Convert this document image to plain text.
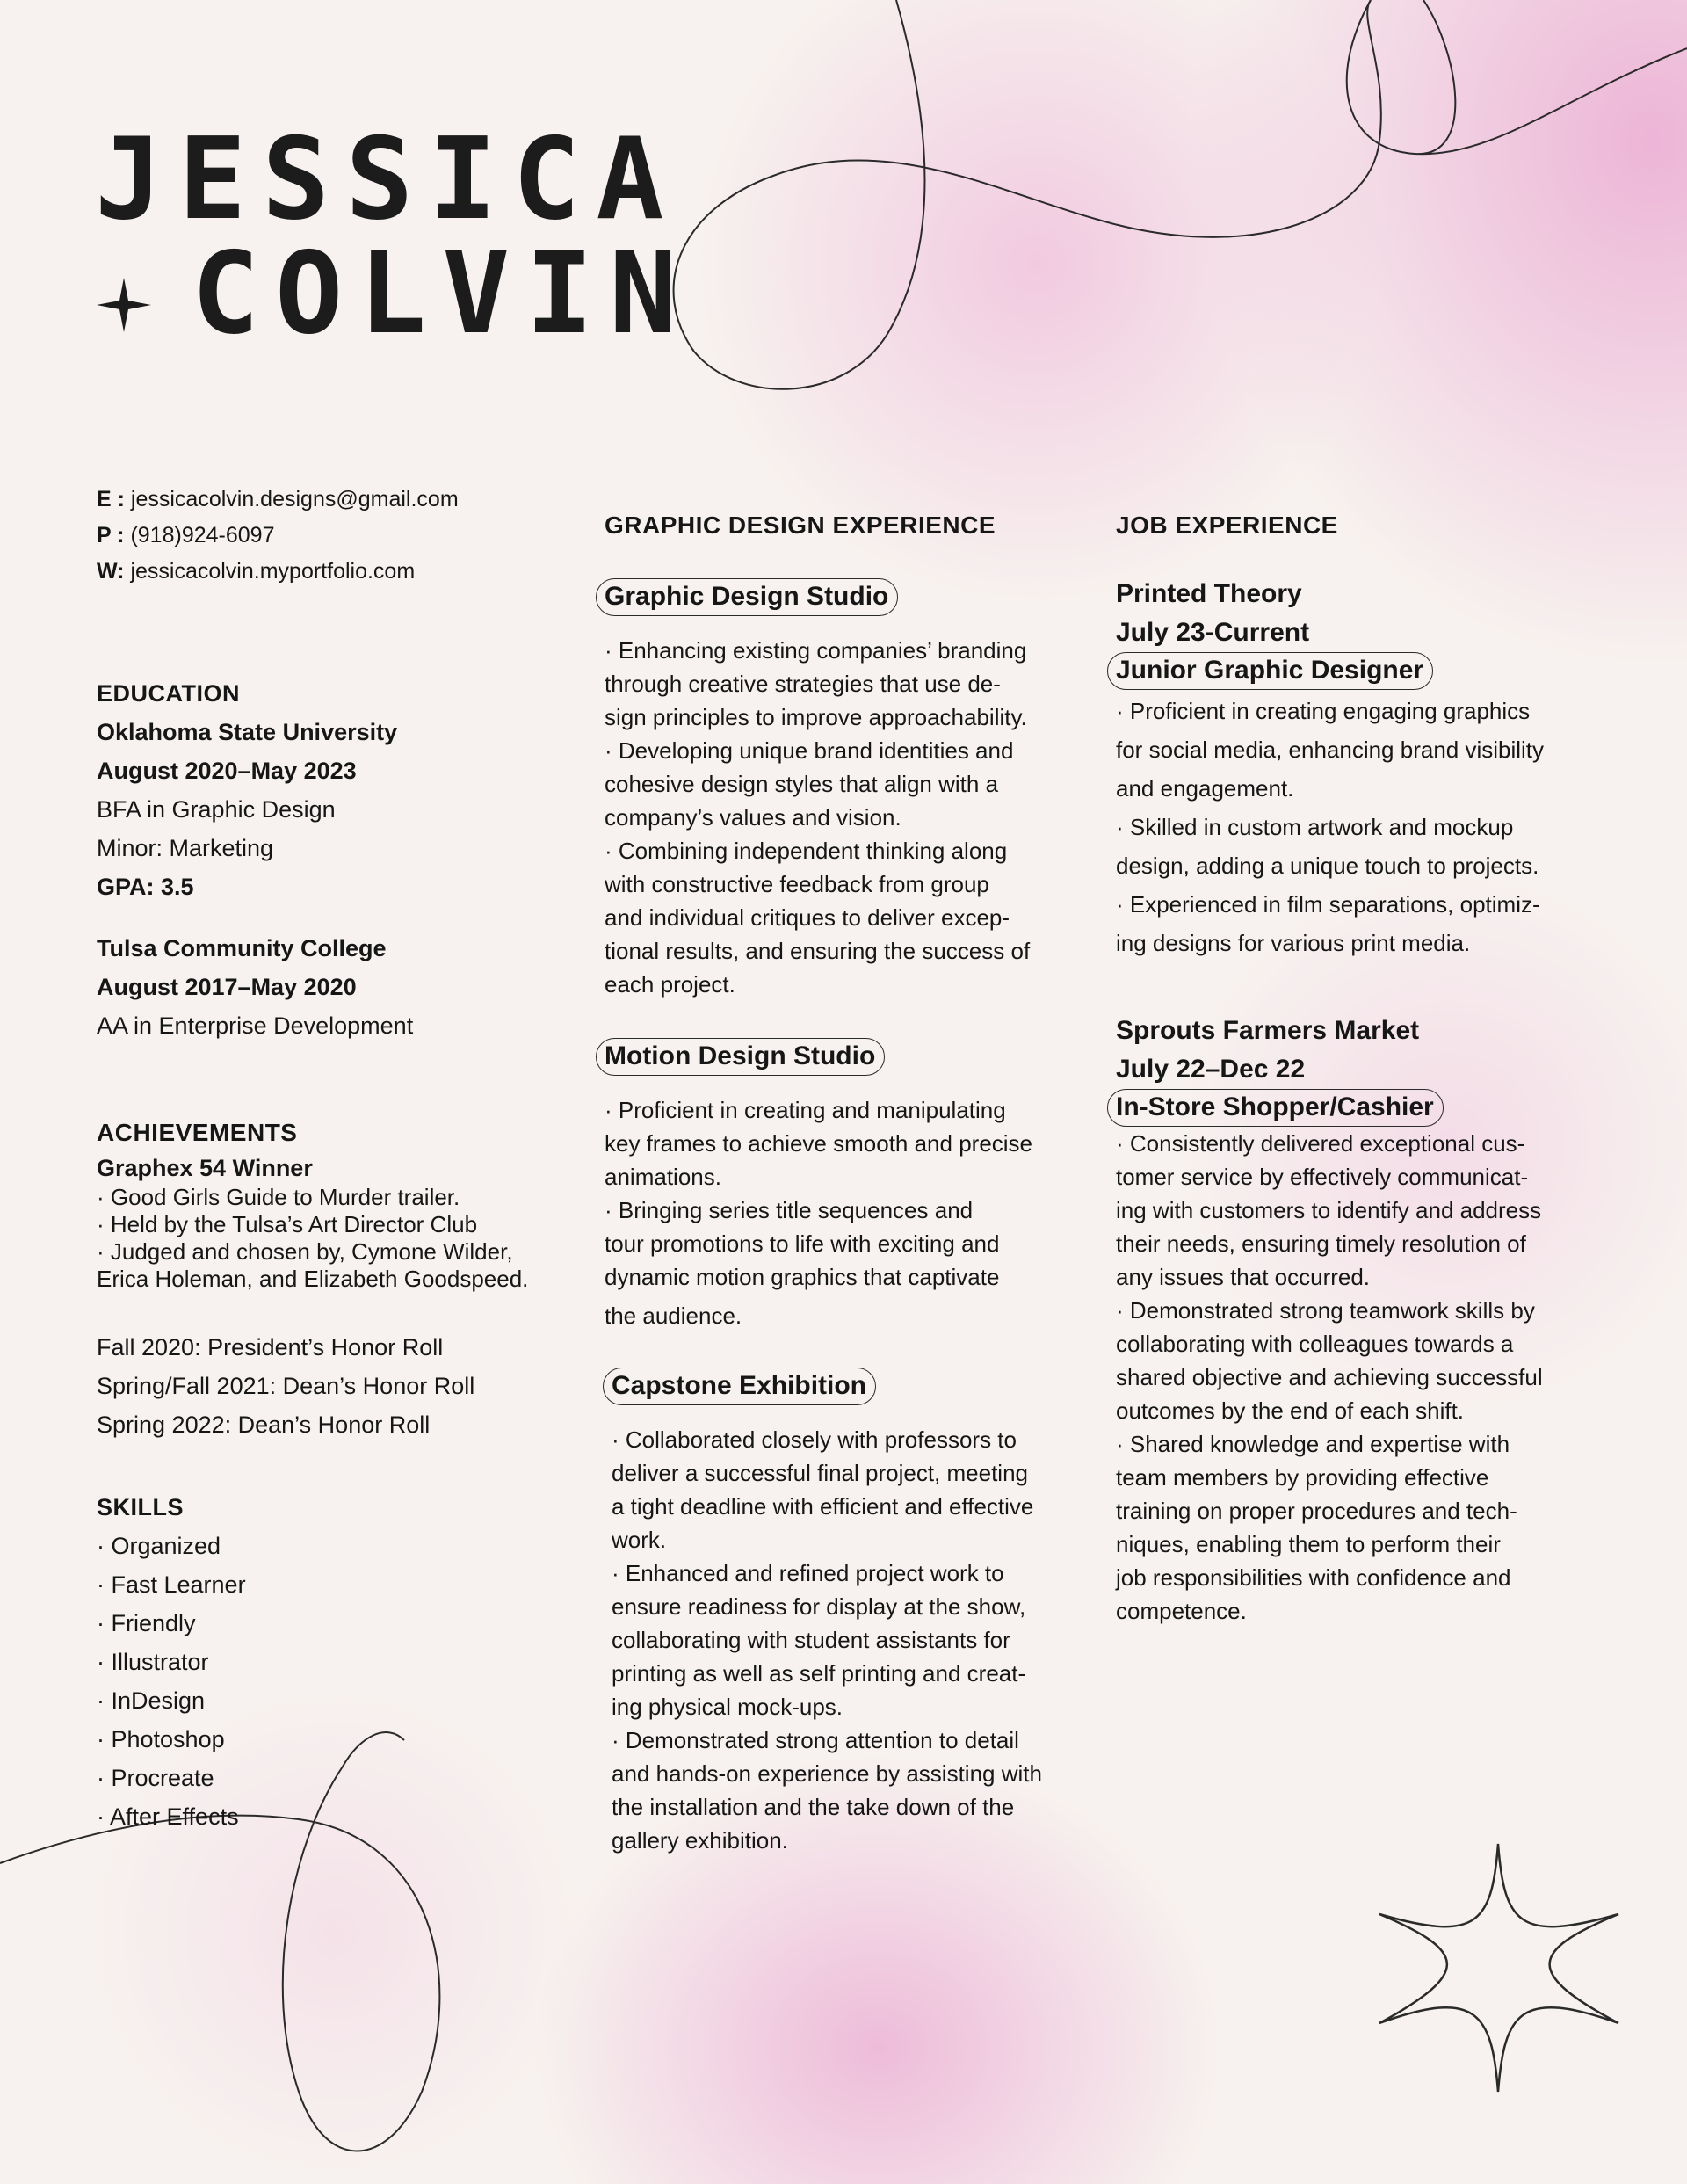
JESSICA
COLVIN
E : jessicacolvin.designs@gmail.com
P : (918)924-6097
W: jessicacolvin.myportfolio.com
EDUCATION
Oklahoma State University
August 2020–May 2023
BFA in Graphic Design
Minor: Marketing
GPA: 3.5
Tulsa Community College
August 2017–May 2020
AA in Enterprise Development
ACHIEVEMENTS
Graphex 54 Winner
· Good Girls Guide to Murder trailer.
· Held by the Tulsa’s Art Director Club
· Judged and chosen by, Cymone Wilder,
Erica Holeman, and Elizabeth Goodspeed.
Fall 2020: President’s Honor Roll
Spring/Fall 2021: Dean’s Honor Roll
Spring 2022: Dean’s Honor Roll
SKILLS
· Organized
· Fast Learner
· Friendly
· Illustrator
· InDesign
· Photoshop
· Procreate
· After Effects
GRAPHIC DESIGN EXPERIENCE
Graphic Design Studio

· Enhancing existing companies’ branding

through creative strategies that use de-

sign principles to improve approachability.

· Developing unique brand identities and

cohesive design styles that align with a

company’s values and vision.

· Combining independent thinking along

with constructive feedback from group

and individual critiques to deliver excep-

tional results, and ensuring the success of

each project.

Motion Design Studio

· Proficient in creating and manipulating

key frames to achieve smooth and precise

animations.

· Bringing series title sequences and

tour promotions to life with exciting and

dynamic motion graphics that captivate

the audience.

Capstone Exhibition

· Collaborated closely with professors to

deliver a successful final project, meeting

a tight deadline with efficient and effective

work.

· Enhanced and refined project work to

ensure readiness for display at the show,

collaborating with student assistants for

printing as well as self printing and creat-

ing physical mock-ups.

· Demonstrated strong attention to detail

and hands-on experience by assisting with

the installation and the take down of the

gallery exhibition.

JOB EXPERIENCE
Printed Theory
July 23-Current
Junior Graphic Designer

· Proficient in creating engaging graphics

for social media, enhancing brand visibility

and engagement.

· Skilled in custom artwork and mockup

design, adding a unique touch to projects.

· Experienced in film separations, optimiz-

ing designs for various print media.

Sprouts Farmers Market
July 22–Dec 22
In-Store Shopper/Cashier

· Consistently delivered exceptional cus-

tomer service by effectively communicat-

ing with customers to identify and address

their needs, ensuring timely resolution of

any issues that occurred.

· Demonstrated strong teamwork skills by

collaborating with colleagues towards a

shared objective and achieving successful

outcomes by the end of each shift.

· Shared knowledge and expertise with

team members by providing effective

training on proper procedures and tech-

niques, enabling them to perform their

job responsibilities with confidence and

competence.
